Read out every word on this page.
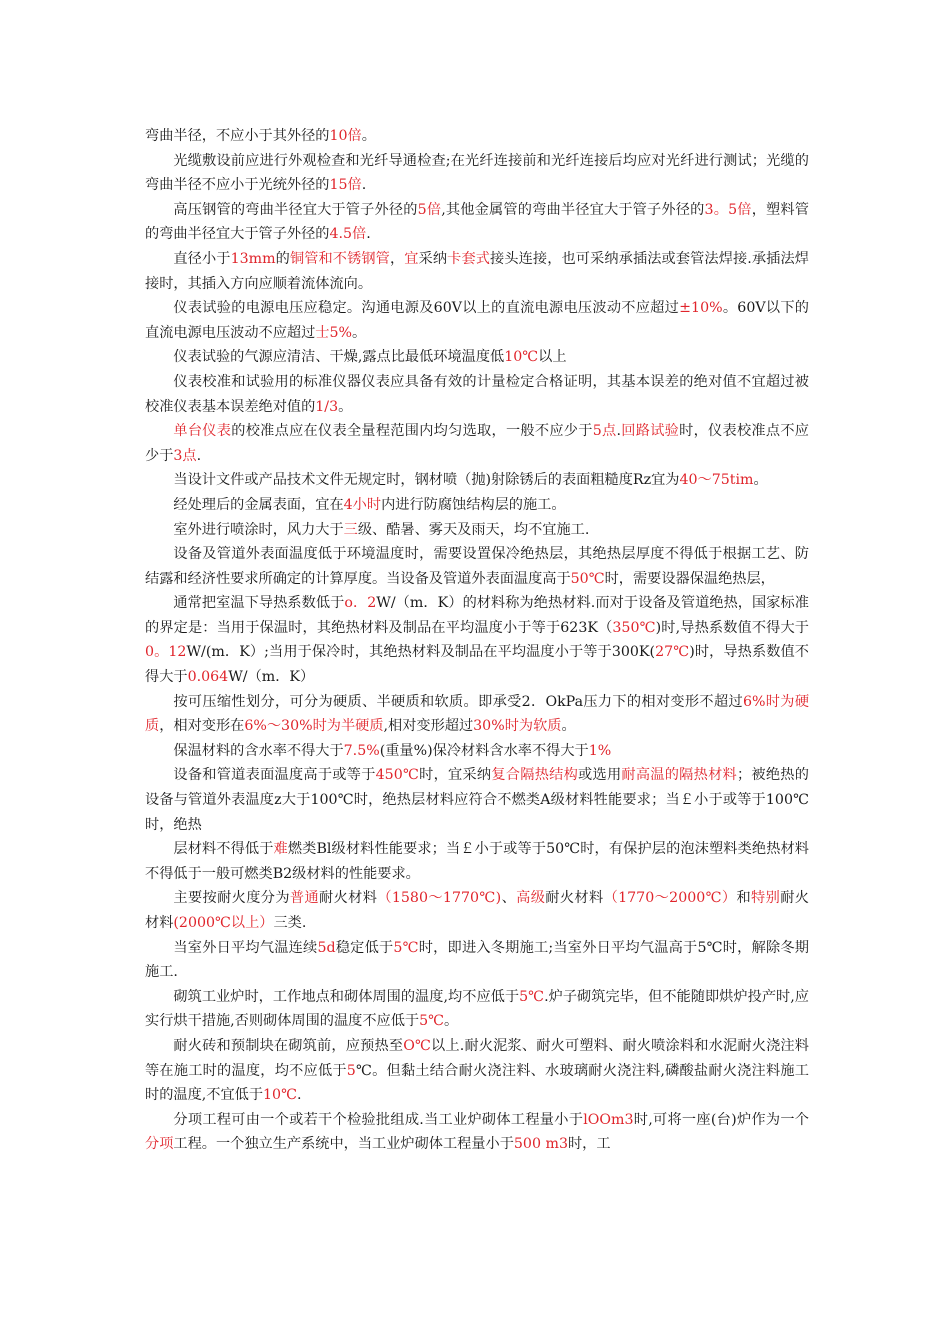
弯曲半径，不应小于其外径的10倍。

光缆敷设前应进行外观检查和光纤导通检查;在光纤连接前和光纤连接后均应对光纤进行测试；光缆的弯曲半径不应小于光统外径的15倍.

高压钢管的弯曲半径宜大于管子外径的5倍,其他金属管的弯曲半径宜大于管子外径的3。5倍，塑料管的弯曲半径宜大于管子外径的4.5倍.

直径小于13mm的铜管和不锈钢管，宜采纳卡套式接头连接，也可采纳承插法或套管法焊接.承插法焊接时，其插入方向应顺着流体流向。

仪表试验的电源电压应稳定。沟通电源及60V以上的直流电源电压波动不应超过±10%。60V以下的直流电源电压波动不应超过士5%。

仪表试验的气源应清洁、干燥,露点比最低环境温度低10℃以上

仪表校准和试验用的标准仪器仪表应具备有效的计量检定合格证明，其基本误差的绝对值不宜超过被校准仪表基本误差绝对值的1/3。

单台仪表的校准点应在仪表全量程范围内均匀选取，一般不应少于5点.回路试验时，仪表校准点不应少于3点.

当设计文件或产品技术文件无规定时，钢材喷（抛)射除锈后的表面粗糙度Rz宜为40～75tim。

经处理后的金属表面，宜在4小时内进行防腐蚀结构层的施工。

室外进行喷涂时，风力大于三级、酷暑、雾天及雨天，均不宜施工.

设备及管道外表面温度低于环境温度时，需要设置保冷绝热层，其绝热层厚度不得低于根据工艺、防结露和经济性要求所确定的计算厚度。当设备及管道外表面温度高于50℃时，需要设器保温绝热层，

通常把室温下导热系数低于o．2W/（m．K）的材料称为绝热材料.而对于设备及管道绝热，国家标准的界定是：当用于保温时，其绝热材料及制品在平均温度小于等于623K（350℃)时,导热系数值不得大于0。12W/(m．K）;当用于保冷时，其绝热材料及制品在平均温度小于等于300K(27℃)时，导热系数值不得大于0.064W/（m．K）

按可压缩性划分，可分为硬质、半硬质和软质。即承受2．OkPa压力下的相对变形不超过6%时为硬质，相对变形在6%～30%时为半硬质,相对变形超过30%时为软质。

保温材料的含水率不得大于7.5%(重量%)保冷材料含水率不得大于1%

设备和管道表面温度高于或等于450℃时，宜采纳复合隔热结构或选用耐高温的隔热材料；被绝热的设备与管道外表温度z大于100℃时，绝热层材料应符合不燃类A级材料牲能要求；当￡小于或等于100℃时，绝热

层材料不得低于难燃类Bl级材料性能要求；当￡小于或等于50℃时，有保护层的泡沫塑料类绝热材料不得低于一般可燃类B2级材料的性能要求。

主要按耐火度分为普通耐火材料（1580～1770℃)、高级耐火材料（1770～2000℃）和特别耐火材料(2000℃以上）三类.

当室外日平均气温连续5d稳定低于5℃时，即进入冬期施工;当室外日平均气温高于5℃时，解除冬期施工.

砌筑工业炉时，工作地点和砌体周围的温度,均不应低于5℃.炉子砌筑完毕，但不能随即烘炉投产时,应实行烘干措施,否则砌体周围的温度不应低于5℃。

耐火砖和预制块在砌筑前，应预热至O℃以上.耐火泥浆、耐火可塑料、耐火喷涂料和水泥耐火浇注料等在施工时的温度，均不应低于5℃。但黏土结合耐火浇注料、水玻璃耐火浇注料,磷酸盐耐火浇注料施工时的温度,不宜低于10℃.

分项工程可由一个或若干个检验批组成.当工业炉砌体工程量小于lOOm3时,可将一座(台)炉作为一个分项工程。一个独立生产系统中，当工业炉砌体工程量小于500 m3时，工
